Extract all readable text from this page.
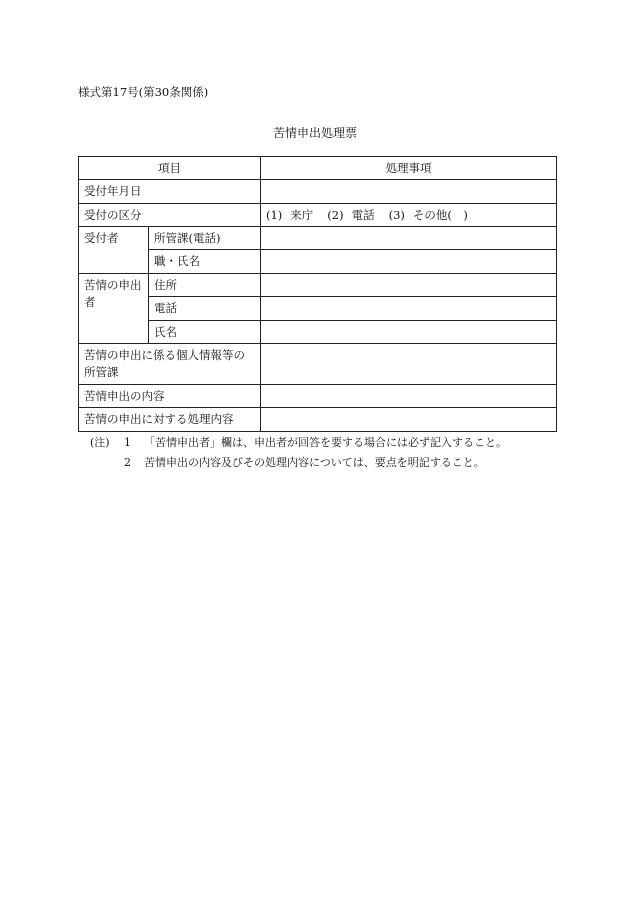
様式第17号(第30条関係)
苦情申出処理票
項目		処理事項
受付年月日		
受付の区分		(1) 来庁 (2) 電話 (3) その他(　)
受付者	所管課(電話)	
	職・氏名	
苦情の申出者	住所	
	電話	
	氏名	
苦情の申出に係る個人情報等の所管課		
苦情申出の内容		
苦情の申出に対する処理内容		
(注) 1 「苦情申出者」欄は、申出者が回答を要する場合には必ず記入すること。
2 苦情申出の内容及びその処理内容については、要点を明記すること。
